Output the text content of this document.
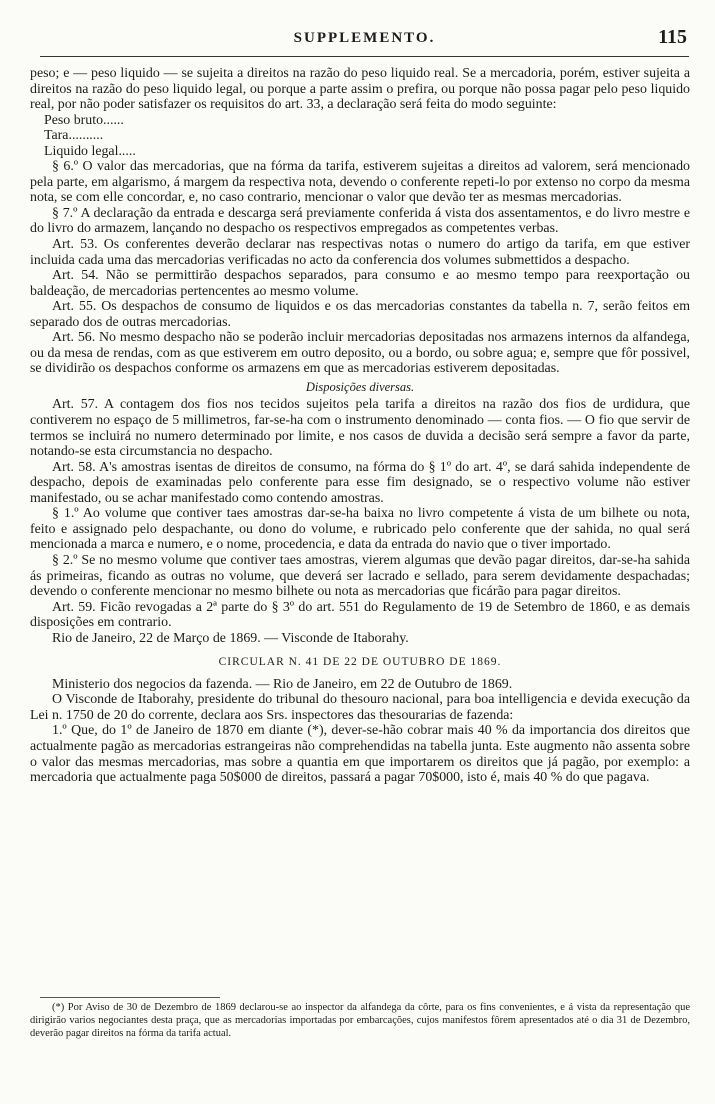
SUPPLEMENTO.	115

peso; e — peso liquido — se sujeita a direitos na razão do peso liquido real. Se a mercadoria, porém, estiver sujeita a direitos na razão do peso liquido legal, ou porque a parte assim o prefira, ou porque não possa pagar pelo peso liquido real, por não poder satisfazer os requisitos do art. 33, a declaração será feita do modo seguinte:

Peso bruto......

Tara..........

Liquido legal.....

§ 6.º O valor das mercadorias, que na fórma da tarifa, estiverem sujeitas a direitos ad valorem, será mencionado pela parte, em algarismo, á margem da respectiva nota, devendo o conferente repeti-lo por extenso no corpo da mesma nota, se com elle concordar, e, no caso contrario, mencionar o valor que devão ter as mesmas mercadorias.

§ 7.º A declaração da entrada e descarga será previamente conferida á vista dos assentamentos, e do livro mestre e do livro do armazem, lançando no despacho os respectivos empregados as competentes verbas.

Art. 53. Os conferentes deverão declarar nas respectivas notas o numero do artigo da tarifa, em que estiver incluida cada uma das mercadorias verificadas no acto da conferencia dos volumes submettidos a despacho.

Art. 54. Não se permittirão despachos separados, para consumo e ao mesmo tempo para reexportação ou baldeação, de mercadorias pertencentes ao mesmo volume.

Art. 55. Os despachos de consumo de liquidos e os das mercadorias constantes da tabella n. 7, serão feitos em separado dos de outras mercadorias.

Art. 56. No mesmo despacho não se poderão incluir mercadorias depositadas nos armazens internos da alfandega, ou da mesa de rendas, com as que estiverem em outro deposito, ou a bordo, ou sobre agua; e, sempre que fôr possivel, se dividirão os despachos conforme os armazens em que as mercadorias estiverem depositadas.

Disposições diversas.

Art. 57. A contagem dos fios nos tecidos sujeitos pela tarifa a direitos na razão dos fios de urdidura, que contiverem no espaço de 5 millimetros, far-se-ha com o instrumento denominado — conta fios. — O fio que servir de termos se incluirá no numero determinado por limite, e nos casos de duvida a decisão será sempre a favor da parte, notando-se esta circumstancia no despacho.

Art. 58. A's amostras isentas de direitos de consumo, na fórma do § 1º do art. 4º, se dará sahida independente de despacho, depois de examinadas pelo conferente para esse fim designado, se o respectivo volume não estiver manifestado, ou se achar manifestado como contendo amostras.

§ 1.º Ao volume que contiver taes amostras dar-se-ha baixa no livro competente á vista de um bilhete ou nota, feito e assignado pelo despachante, ou dono do volume, e rubricado pelo conferente que der sahida, no qual será mencionada a marca e numero, e o nome, procedencia, e data da entrada do navio que o tiver importado.

§ 2.º Se no mesmo volume que contiver taes amostras, vierem algumas que devão pagar direitos, dar-se-ha sahida ás primeiras, ficando as outras no volume, que deverá ser lacrado e sellado, para serem devidamente despachadas; devendo o conferente mencionar no mesmo bilhete ou nota as mercadorias que ficárão para pagar direitos.

Art. 59. Ficão revogadas a 2ª parte do § 3º do art. 551 do Regulamento de 19 de Setembro de 1860, e as demais disposições em contrario.

Rio de Janeiro, 22 de Março de 1869. — Visconde de Itaborahy.

CIRCULAR N. 41 DE 22 DE OUTUBRO DE 1869.

Ministerio dos negocios da fazenda. — Rio de Janeiro, em 22 de Outubro de 1869.

O Visconde de Itaborahy, presidente do tribunal do thesouro nacional, para boa intelligencia e devida execução da Lei n. 1750 de 20 do corrente, declara aos Srs. inspectores das thesourarias de fazenda:

1.º Que, do 1º de Janeiro de 1870 em diante (*), dever-se-hão cobrar mais 40 % da importancia dos direitos que actualmente pagão as mercadorias estrangeiras não comprehendidas na tabella junta. Este augmento não assenta sobre o valor das mesmas mercadorias, mas sobre a quantia em que importarem os direitos que já pagão, por exemplo: a mercadoria que actualmente paga 50$000 de direitos, passará a pagar 70$000, isto é, mais 40 % do que pagava.

(*) Por Aviso de 30 de Dezembro de 1869 declarou-se ao inspector da alfandega da côrte, para os fins convenientes, e á vista da representação que dirigirão varios negociantes desta praça, que as mercadorias importadas por embarcações, cujos manifestos fôrem apresentados até o dia 31 de Dezembro, deverão pagar direitos na fórma da tarifa actual.
